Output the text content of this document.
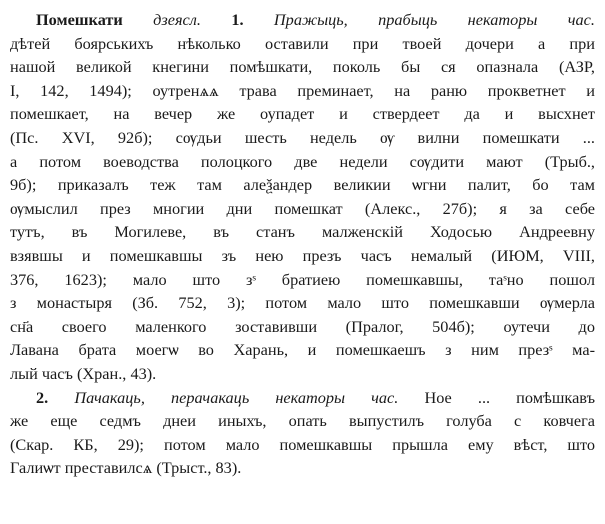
Помешкати дзеясл. 1. Пражыць, прабыць некаторы час.
дѣтей боярськихъ нѣколько оставили при твоей дочери а при
нашой великой кнегини помѣшкати, поколь бы ся опазнала (АЗР,
I, 142, 1494); оутренѧѧ трава преминает, на раню прокветнет и
помешкает, на вечер же оупадет и ствердеет да и высхнет
(Пс. XVI, 92б); сѹдьи шесть недель ѹ вилни помешкати ...
а потом воеводства полоцкого две недели сѹдити мают (Трыб.,
9б); приказалъ теж там алеѯандер великии ѡгни палит, бо там
ѹмыслил през многии дни помешкат (Алекс., 27б); я за себе
тутъ, въ Могилеве, въ станъ малженскій Ходосью Андреевну
взявшы и помешкавшы зъ нею презъ часъ немалый (ИЮМ, VIII,
376, 1623); мало што зˢ братиею помешкавшы, таˢно пошол
з монастыря (Зб. 752, 3); потом мало што помешкавши ѹмерла
сн҃а своего маленкого зоставивши (Пралог, 504б); оутечи до
Лавана брата моегѡ во Харань, и помешкаешъ з ним презˢ ма-
лый часъ (Хран., 43).
2. Пачакаць, перачакаць некаторы час. Ное ... помѣшкавъ
же еще седмъ днеи иныхъ, опать выпустилъ голуба с ковчега
(Скар. КБ, 29); потом мало помешкавшы прышла ему вѣст, што
Галиѡт преставилсѧ (Трыст., 83).
